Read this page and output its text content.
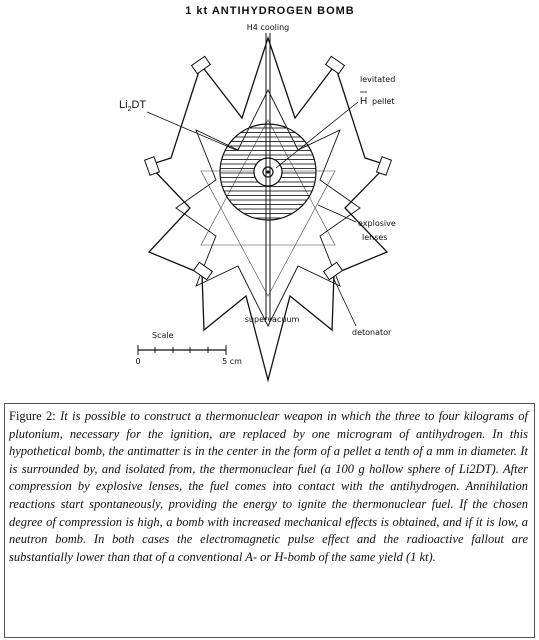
1 kt ANTIHYDROGEN BOMB
H4 cooling
$Li_2DT$
levitated
H pellet
explosive
lenses
supervacuum
detonator
Scale
0	5 cm
Figure 2: It is possible to construct a thermonuclear weapon in which the three to four kilograms of plutonium, necessary for the ignition, are replaced by one microgram of antihydrogen. In this hypothetical bomb, the antimatter is in the center in the form of a pellet a tenth of a mm in diameter. It is surrounded by, and isolated from, the thermonuclear fuel (a 100 g hollow sphere of Li2DT). After compression by explosive lenses, the fuel comes into contact with the antihydrogen. Annihilation reactions start spontaneously, providing the energy to ignite the thermonuclear fuel. If the chosen degree of compression is high, a bomb with increased mechanical effects is obtained, and if it is low, a neutron bomb. In both cases the electromagnetic pulse effect and the radioactive fallout are substantially lower than that of a conventional A- or H-bomb of the same yield (1 kt).
